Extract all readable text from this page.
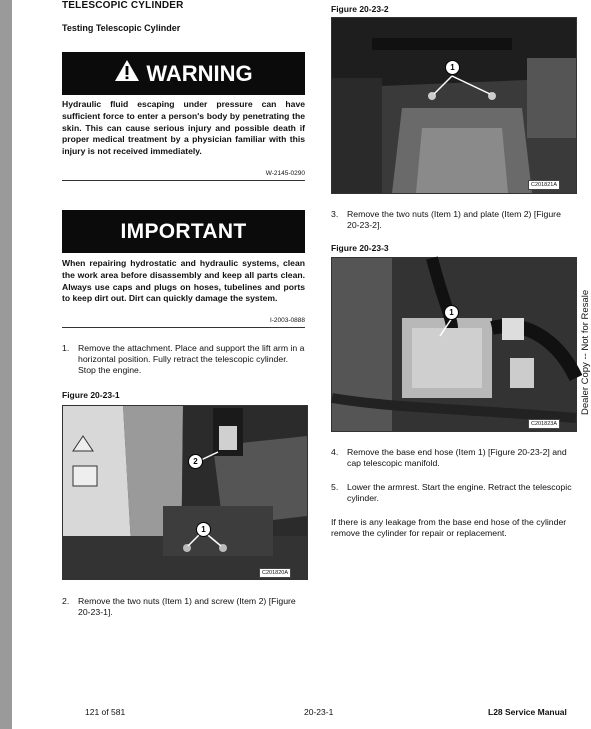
TELESCOPIC CYLINDER
Testing Telescopic Cylinder
WARNING
Hydraulic fluid escaping under pressure can have sufficient force to enter a person's body by penetrating the skin. This can cause serious injury and possible death if proper medical treatment by a physician familiar with this injury is not received immediately.
W-2145-0290
IMPORTANT
When repairing hydrostatic and hydraulic systems, clean the work area before disassembly and keep all parts clean. Always use caps and plugs on hoses, tubelines and ports to keep dirt out. Dirt can quickly damage the system.
I-2003-0888
1.	Remove the attachment. Place and support the lift arm in a horizontal position. Fully retract the telescopic cylinder. Stop the engine.
Figure 20-23-1
2
1
C201820A
2.	Remove the two nuts (Item 1) and screw (Item 2) [Figure 20-23-1].
Figure 20-23-2
1
C201821A
3.	Remove the two nuts (Item 1) and plate (Item 2) [Figure 20-23-2].
Figure 20-23-3
1
C201823A
4.	Remove the base end hose (Item 1) [Figure 20-23-2] and cap telescopic manifold.
5.	Lower the armrest. Start the engine. Retract the telescopic cylinder.
If there is any leakage from the base end hose of the cylinder remove the cylinder for repair or replacement.
Dealer Copy -- Not for Resale
121 of 581	20-23-1	L28 Service Manual
